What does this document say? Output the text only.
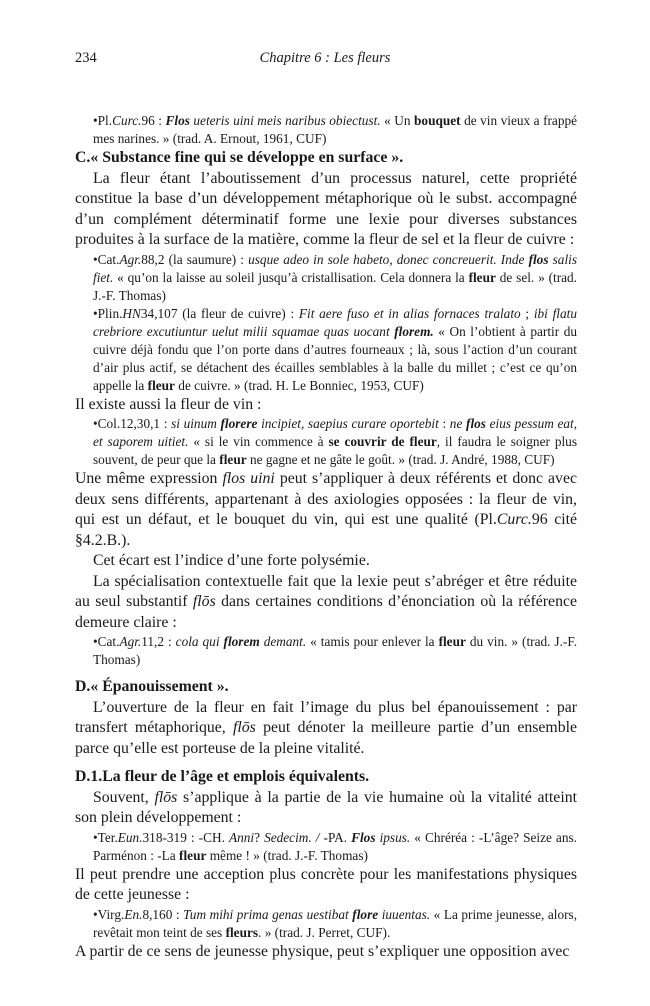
234	Chapitre 6 : Les fleurs

•Pl.Curc.96 : Flos ueteris uini meis naribus obiectust. « Un bouquet de vin vieux a frappé mes narines. » (trad. A. Ernout, 1961, CUF)

C.« Substance fine qui se développe en surface ».

La fleur étant l’aboutissement d’un processus naturel, cette propriété constitue la base d’un développement métaphorique où le subst. accompagné d’un complément déterminatif forme une lexie pour diverses substances produites à la surface de la matière, comme la fleur de sel et la fleur de cuivre :

•Cat.Agr.88,2 (la saumure) : usque adeo in sole habeto, donec concreuerit. Inde flos salis fiet. « qu’on la laisse au soleil jusqu’à cristallisation. Cela donnera la fleur de sel. » (trad. J.-F. Thomas)

•Plin.HN34,107 (la fleur de cuivre) : Fit aere fuso et in alias fornaces tralato ; ibi flatu crebriore excutiuntur uelut milii squamae quas uocant florem. « On l’obtient à partir du cuivre déjà fondu que l’on porte dans d’autres fourneaux ; là, sous l’action d’un courant d’air plus actif, se détachent des écailles semblables à la balle du millet ; c’est ce qu’on appelle la fleur de cuivre. » (trad. H. Le Bonniec, 1953, CUF)

Il existe aussi la fleur de vin :

•Col.12,30,1 : si uinum florere incipiet, saepius curare oportebit : ne flos eius pessum eat, et saporem uitiet. « si le vin commence à se couvrir de fleur, il faudra le soigner plus souvent, de peur que la fleur ne gagne et ne gâte le goût. » (trad. J. André, 1988, CUF)

Une même expression flos uini peut s’appliquer à deux référents et donc avec deux sens différents, appartenant à des axiologies opposées : la fleur de vin, qui est un défaut, et le bouquet du vin, qui est une qualité (Pl.Curc.96 cité §4.2.B.).

Cet écart est l’indice d’une forte polysémie.

La spécialisation contextuelle fait que la lexie peut s’abréger et être réduite au seul substantif flōs dans certaines conditions d’énonciation où la référence demeure claire :

•Cat.Agr.11,2 : cola qui florem demant. « tamis pour enlever la fleur du vin. » (trad. J.-F. Thomas)

D.« Épanouissement ».

L’ouverture de la fleur en fait l’image du plus bel épanouissement : par transfert métaphorique, flōs peut dénoter la meilleure partie d’un ensemble parce qu’elle est porteuse de la pleine vitalité.

D.1.La fleur de l’âge et emplois équivalents.

Souvent, flōs s’applique à la partie de la vie humaine où la vitalité atteint son plein développement :

•Ter.Eun.318-319 : -CH. Anni? Sedecim. / -PA. Flos ipsus. « Chréréa : -L’âge? Seize ans. Parménon : -La fleur même ! » (trad. J.-F. Thomas)

Il peut prendre une acception plus concrète pour les manifestations physiques de cette jeunesse :

•Virg.En.8,160 : Tum mihi prima genas uestibat flore iuuentas. « La prime jeunesse, alors, revêtait mon teint de ses fleurs. » (trad. J. Perret, CUF).

A partir de ce sens de jeunesse physique, peut s’expliquer une opposition avec
